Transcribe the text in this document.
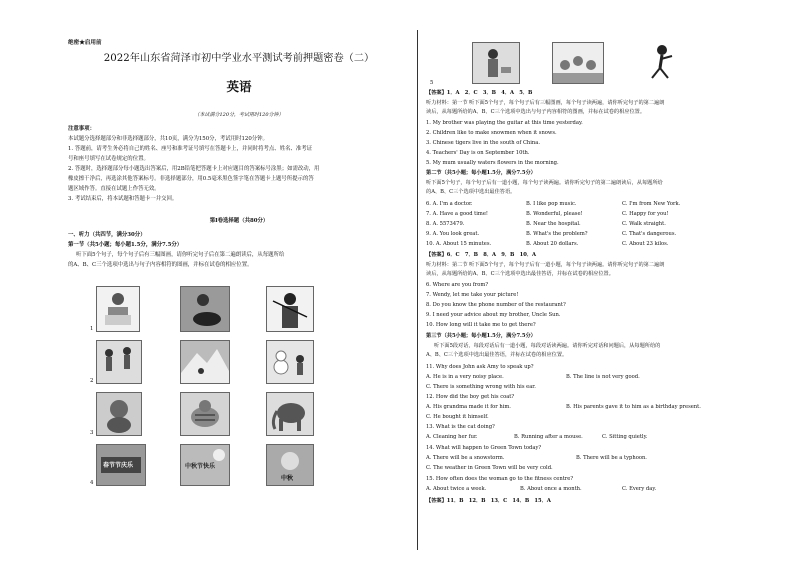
绝密★启用前
2022年山东省菏泽市初中学业水平测试考前押题密卷（二）
英语
（本试满分120分，考试用时120分钟）
注意事项：
本试题分选择题部分和非选择题部分，共10页，满分为150分，考试用时120分钟。
1. 答题前，请考生务必将自己的姓名、座号和准考证号填写在答题卡上，并同时将考点、姓名、准考证
号和座号填写在试卷规定的位置。
2. 答题时，选择题部分每小题选出答案后，用2B铅笔把答题卡上对应题目的答案标号涂黑；如需改动，用
橡皮擦干净后，再选涂其他答案标号。非选择题部分，用0.5毫米黑色签字笔在答题卡上题号所提示的答
题区域作答。直接在试题上作答无效。
3. 考试结束后，将本试题和答题卡一并交回。
第Ⅰ卷选择题（共80分）
一、听力（共四节，满分30分）
第一节（共5小题；每小题1.5分，满分7.5分）
听下面5个句子，每个句子后有三幅图画，请你听完句子后在第二遍朗读后，从每题所给
的A、B、C三个选项中选出与句子内容相符的图画，并标在试卷的相应位置。
1
2
3
春节节庆乐	中秋节快乐
中秋
4
5
【答案】1．A　2．C　3．B　4．A　5．B
听力材料：第一节 听下面5个句子，每个句子后有三幅图画，每个句子读两遍，请你听完句子的第二遍朗
读后，从每题所给的A、B、C三个选项中选出与句子内容相符的图画，并标在试卷的相应位置。
1. My brother was playing the guitar at this time yesterday.
2. Children like to make snowmen when it snows.
3. Chinese tigers live in the south of China.
4. Teachers' Day is on September 10th.
5. My mum usually waters flowers in the morning.
第二节（共5小题；每小题1.5分，满分7.5分）
听下面5个句子，每个句子后有一道小题，每个句子读两遍。请你听完句子的第二遍朗读后，从每题所给
的A、B、C三个选项中选出最佳答语。
6. A. I'm a doctor.	B. I like pop music.	C. I'm from New York.
7. A. Have a good time!	B. Wonderful, please!	C. Happy for you!
8. A. 5573479.	B. Near the hospital.	C. Walk straight.
9. A. You look great.	B. What's the problem?	C. That's dangerous.
10. A. About 15 minutes.	B. About 20 dollars.	C. About 23 kilos.
【答案】6．C　7．B　8．A　9．B　10．A
听力材料：第二节 听下面5个句子，每个句子后有一道小题，每个句子读两遍。请你听完句子的第二遍朗
读后，从每题所给的A、B、C三个选项中选出最佳答语，并标在试卷的相应位置。
6. Where are you from?
7. Wendy, let me take your picture!
8. Do you know the phone number of the restaurant?
9. I need your advice about my brother, Uncle Sun.
10. How long will it take me to get there?
第三节（共5小题；每小题1.5分，满分7.5分）
听下面5段对话，每段对话后有一道小题，每段对话读两遍。请你听完对话和问题后，从每题所给的
A、B、C三个选项中选出最佳答语，并标在试卷的相应位置。
11. Why does John ask Amy to speak up?
A. He is in a very noisy place.	B. The line is not very good.
C. There is something wrong with his ear.
12. How did the boy get his coat?
A. His grandma made it for him.	B. His parents gave it to him as a birthday present.
C. He bought it himself.
13. What is the cat doing?
A. Cleaning her fur.	B. Running after a mouse.	C. Sitting quietly.
14. What will happen to Green Town today?
A. There will be a snowstorm.	B. There will be a typhoon.
C. The weather in Green Town will be very cold.
15. How often does the woman go to the fitness centre?
A. About twice a week.	B. About once a month.	C. Every day.
【答案】11．B　12．B　13．C　14．B　15．A
